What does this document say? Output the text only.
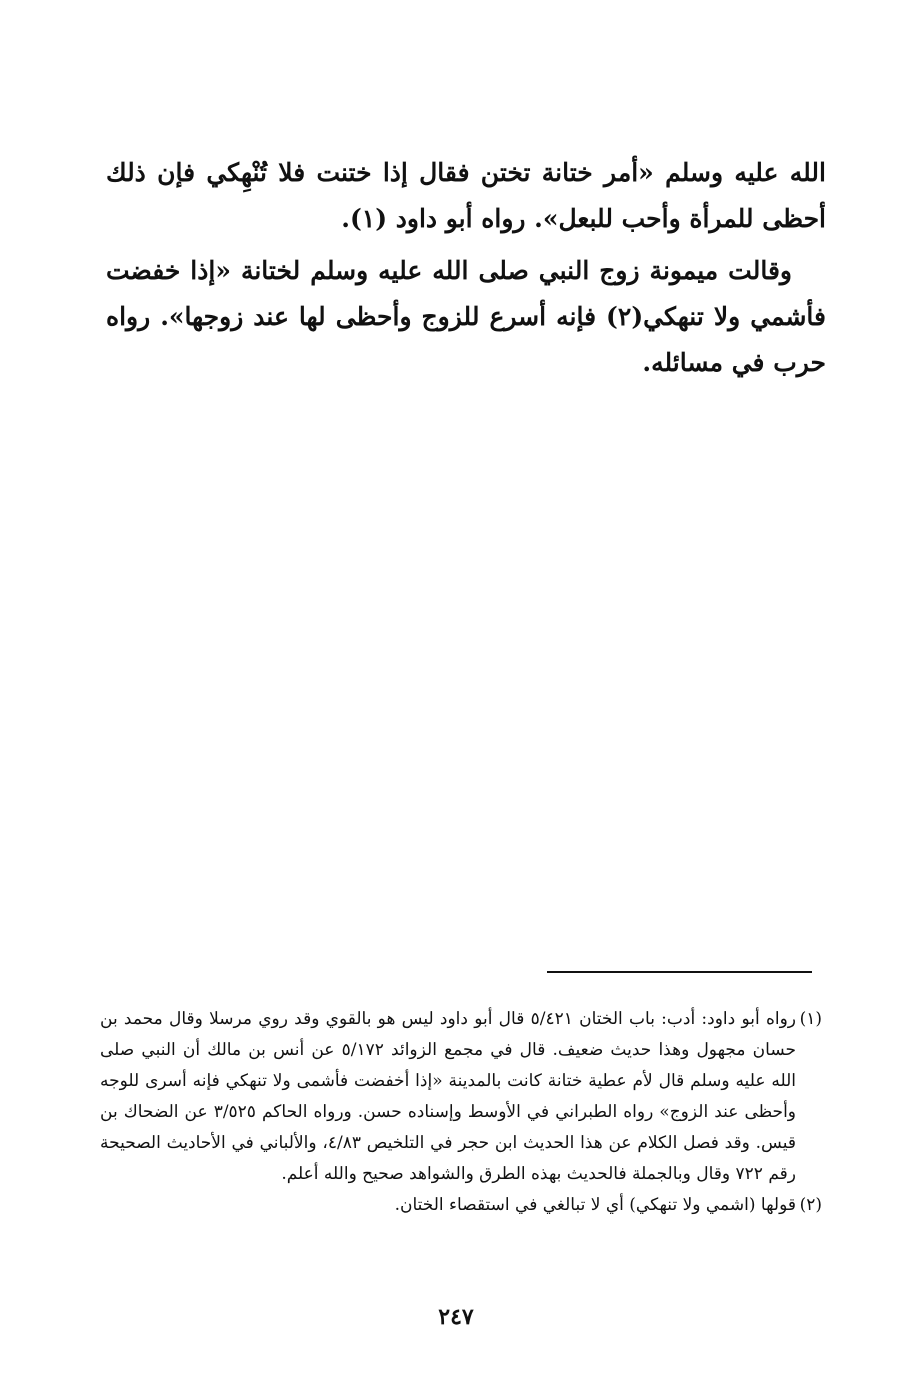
الله عليه وسلم «أمر ختانة تختن فقال إذا ختنت فلا تُنْهِكي فإن ذلك أحظى للمرأة وأحب للبعل». رواه أبو داود (١).

وقالت ميمونة زوج النبي صلى الله عليه وسلم لختانة «إذا خفضت فأشمي ولا تنهكي(٢) فإنه أسرع للزوج وأحظى لها عند زوجها». رواه حرب في مسائله.

(١)رواه أبو داود: أدب: باب الختان ٥/٤٢١ قال أبو داود ليس هو بالقوي وقد روي مرسلا وقال محمد بن حسان مجهول وهذا حديث ضعيف. قال في مجمع الزوائد ٥/١٧٢ عن أنس بن مالك أن النبي صلى الله عليه وسلم قال لأم عطية ختانة كانت بالمدينة «إذا أخفضت فأشمى ولا تنهكي فإنه أسرى للوجه وأحظى عند الزوج» رواه الطبراني في الأوسط وإسناده حسن. ورواه الحاكم ٣/٥٢٥ عن الضحاك بن قيس. وقد فصل الكلام عن هذا الحديث ابن حجر في التلخيص ٤/٨٣، والألباني في الأحاديث الصحيحة رقم ٧٢٢ وقال وبالجملة فالحديث بهذه الطرق والشواهد صحيح والله أعلم.

(٢)قولها (اشمي ولا تنهكي) أي لا تبالغي في استقصاء الختان.

٢٤٧
